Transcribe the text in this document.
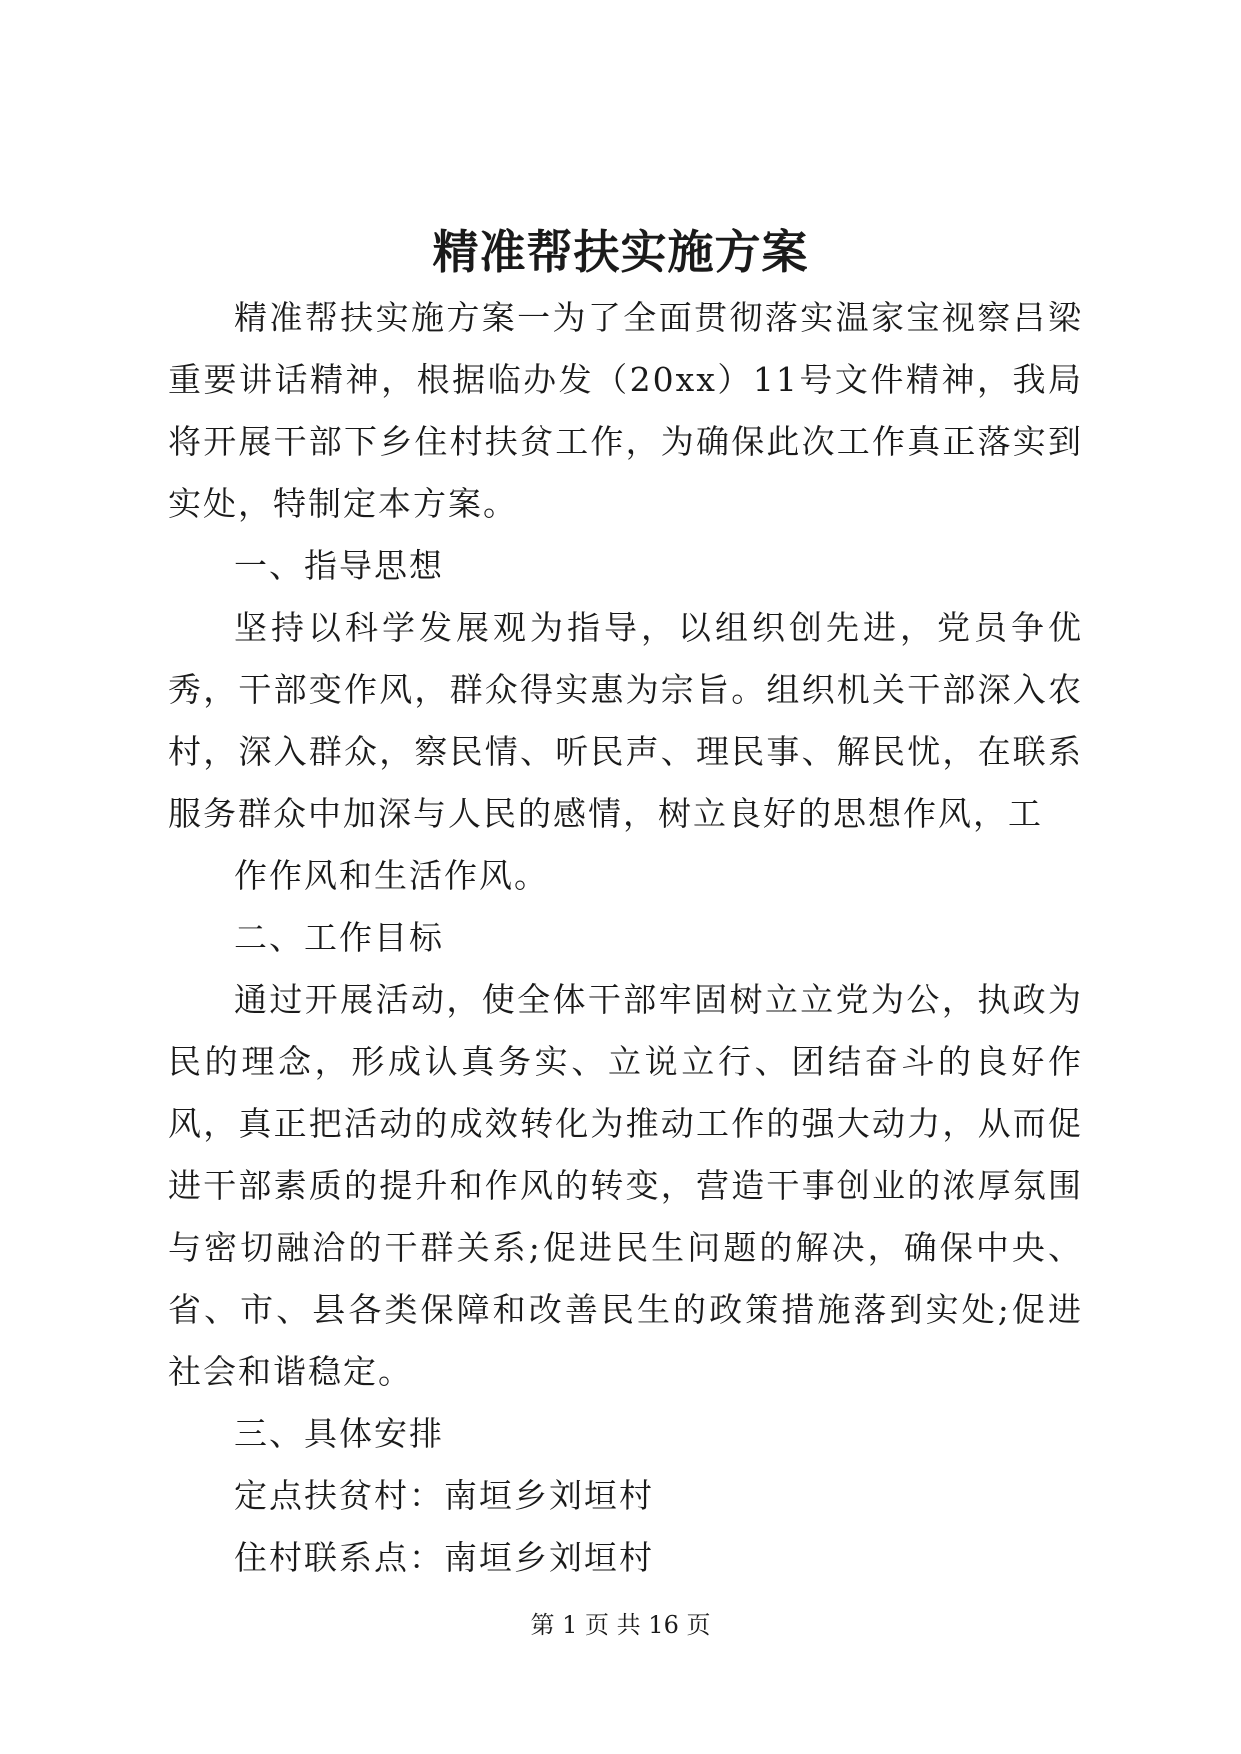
精准帮扶实施方案

精准帮扶实施方案一为了全面贯彻落实温家宝视察吕梁重要讲话精神，根据临办发（20xx）11号文件精神，我局将开展干部下乡住村扶贫工作，为确保此次工作真正落实到实处，特制定本方案。

一、指导思想

坚持以科学发展观为指导，以组织创先进，党员争优秀，干部变作风，群众得实惠为宗旨。组织机关干部深入农村，深入群众，察民情、听民声、理民事、解民忧，在联系服务群众中加深与人民的感情，树立良好的思想作风，工

作作风和生活作风。

二、工作目标

通过开展活动，使全体干部牢固树立立党为公，执政为民的理念，形成认真务实、立说立行、团结奋斗的良好作风，真正把活动的成效转化为推动工作的强大动力，从而促进干部素质的提升和作风的转变，营造干事创业的浓厚氛围与密切融洽的干群关系;促进民生问题的解决，确保中央、省、市、县各类保障和改善民生的政策措施落到实处;促进社会和谐稳定。

三、具体安排

定点扶贫村：南垣乡刘垣村

住村联系点：南垣乡刘垣村

第 1 页 共 16 页
